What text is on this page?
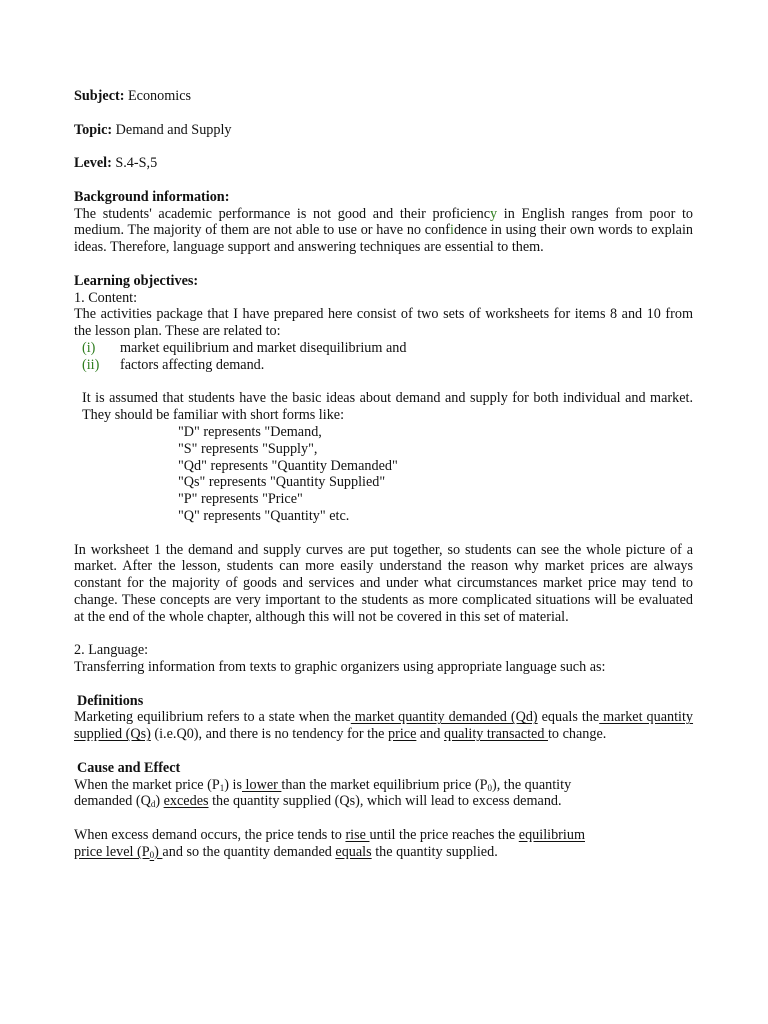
Subject: Economics

Topic: Demand and Supply

Level: S.4-S,5

Background information:

The students' academic performance is not good and their proficiency in English ranges from poor to medium. The majority of them are not able to use or have no confidence in using their own words to explain ideas. Therefore, language support and answering techniques are essential to them.

Learning objectives:

1. Content:

The activities package that I have prepared here consist of two sets of worksheets for items 8 and 10 from the lesson plan. These are related to:

(i)	market equilibrium and market disequilibrium and
(ii)	factors affecting demand.

It is assumed that students have the basic ideas about demand and supply for both individual and market. They should be familiar with short forms like:

"D" represents "Demand,

"S" represents "Supply",

"Qd" represents "Quantity Demanded"

"Qs" represents "Quantity Supplied"

"P" represents "Price"

"Q" represents "Quantity" etc.

In worksheet 1 the demand and supply curves are put together, so students can see the whole picture of a market. After the lesson, students can more easily understand the reason why market prices are always constant for the majority of goods and services and under what circumstances market price may tend to change. These concepts are very important to the students as more complicated situations will be evaluated at the end of the whole chapter, although this will not be covered in this set of material.

2. Language:

Transferring information from texts to graphic organizers using appropriate language such as:

Definitions

Marketing equilibrium refers to a state when the market quantity demanded (Qd) equals the market quantity supplied (Qs) (i.e.Q0), and there is no tendency for the price and quality transacted to change.

Cause and Effect

When the market price $(P_1)$ is lower than the market equilibrium price $(P_0)$, the quantity

demanded $(Q_d)$ excedes the quantity supplied (Qs), which will lead to excess demand.

When excess demand occurs, the price tends to rise until the price reaches the equilibrium

price level $(P_0)$ and so the quantity demanded equals the quantity supplied.
